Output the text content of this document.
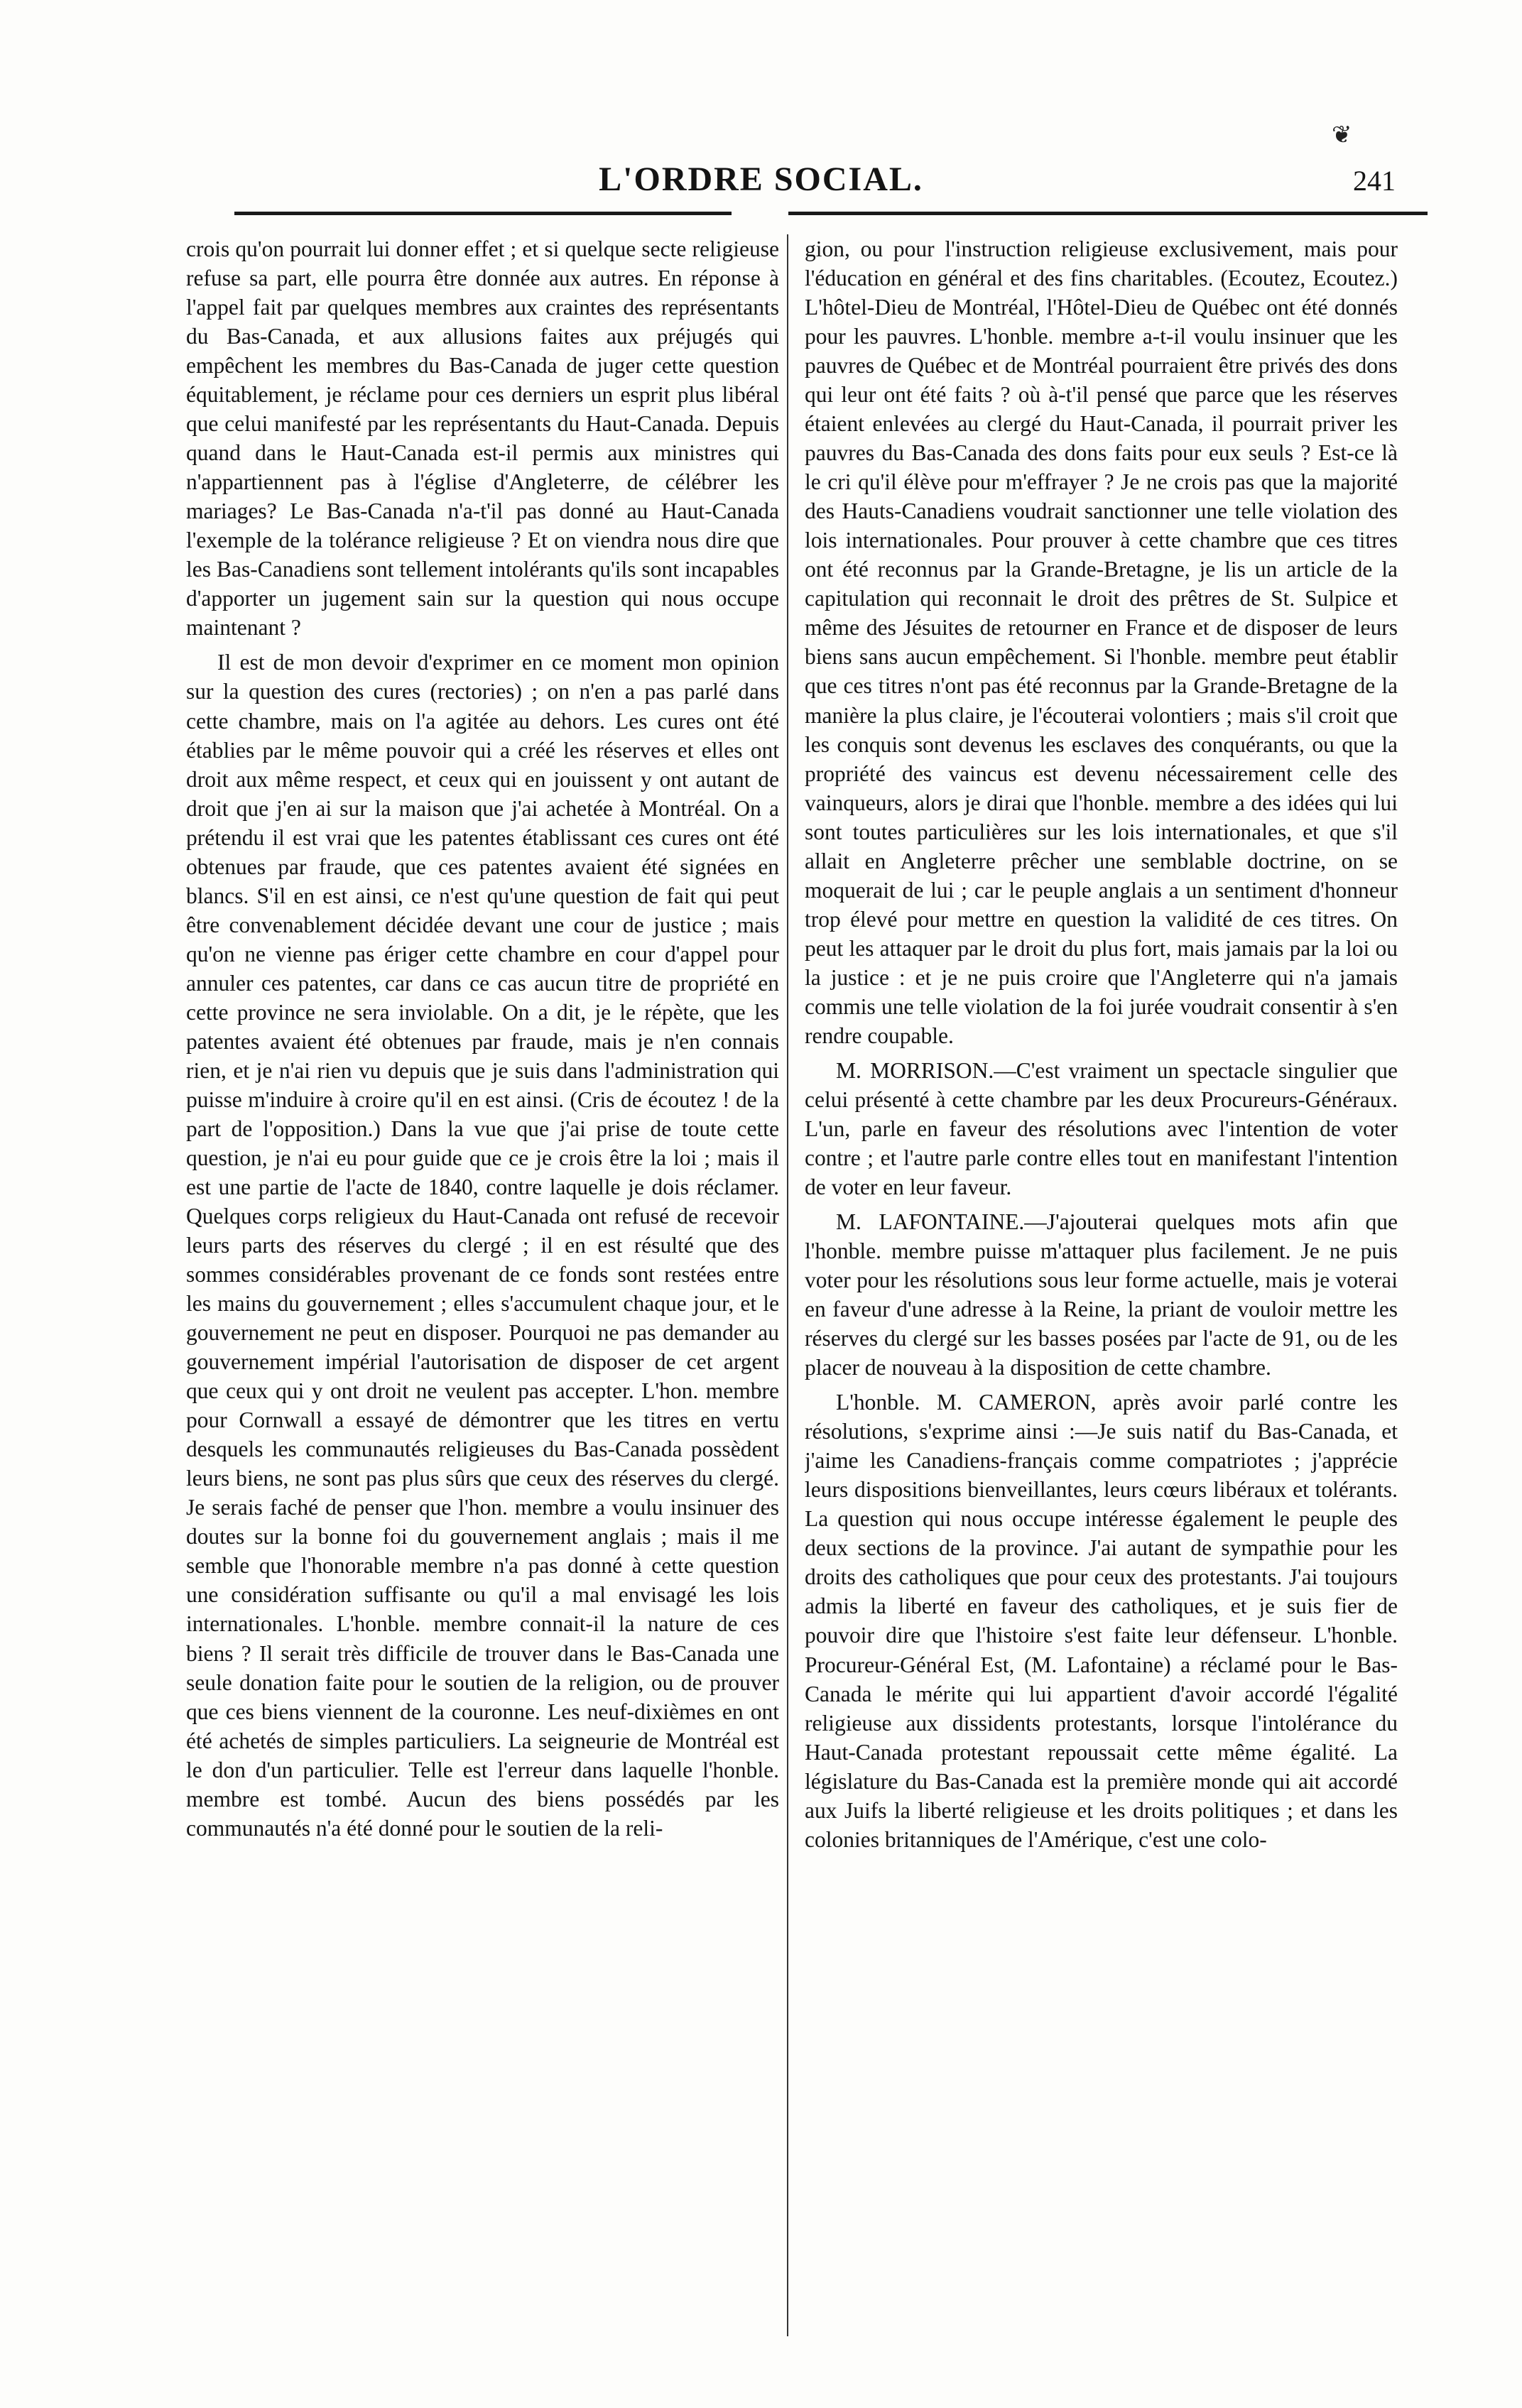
❦
L'ORDRE SOCIAL.	241

crois qu'on pourrait lui donner effet ; et si quelque secte religieuse refuse sa part, elle pourra être donnée aux autres. En réponse à l'appel fait par quelques membres aux craintes des représentants du Bas-Canada, et aux allusions faites aux préjugés qui empêchent les membres du Bas-Canada de juger cette question équitablement, je réclame pour ces derniers un esprit plus libéral que celui manifesté par les représentants du Haut-Canada. Depuis quand dans le Haut-Canada est-il permis aux ministres qui n'appartiennent pas à l'église d'Angleterre, de célébrer les mariages? Le Bas-Canada n'a-t'il pas donné au Haut-Canada l'exemple de la tolérance religieuse ? Et on viendra nous dire que les Bas-Canadiens sont tellement intolérants qu'ils sont incapables d'apporter un jugement sain sur la question qui nous occupe maintenant ?

Il est de mon devoir d'exprimer en ce moment mon opinion sur la question des cures (rectories) ; on n'en a pas parlé dans cette chambre, mais on l'a agitée au dehors. Les cures ont été établies par le même pouvoir qui a créé les réserves et elles ont droit aux même respect, et ceux qui en jouissent y ont autant de droit que j'en ai sur la maison que j'ai achetée à Montréal. On a prétendu il est vrai que les patentes établissant ces cures ont été obtenues par fraude, que ces patentes avaient été signées en blancs. S'il en est ainsi, ce n'est qu'une question de fait qui peut être convenablement décidée devant une cour de justice ; mais qu'on ne vienne pas ériger cette chambre en cour d'appel pour annuler ces patentes, car dans ce cas aucun titre de propriété en cette province ne sera inviolable. On a dit, je le répète, que les patentes avaient été obtenues par fraude, mais je n'en connais rien, et je n'ai rien vu depuis que je suis dans l'administration qui puisse m'induire à croire qu'il en est ainsi. (Cris de écoutez ! de la part de l'opposition.) Dans la vue que j'ai prise de toute cette question, je n'ai eu pour guide que ce je crois être la loi ; mais il est une partie de l'acte de 1840, contre laquelle je dois réclamer. Quelques corps religieux du Haut-Canada ont refusé de recevoir leurs parts des réserves du clergé ; il en est résulté que des sommes considérables provenant de ce fonds sont restées entre les mains du gouvernement ; elles s'accumulent chaque jour, et le gouvernement ne peut en disposer. Pourquoi ne pas demander au gouvernement impérial l'autorisation de disposer de cet argent que ceux qui y ont droit ne veulent pas accepter. L'hon. membre pour Cornwall a essayé de démontrer que les titres en vertu desquels les communautés religieuses du Bas-Canada possèdent leurs biens, ne sont pas plus sûrs que ceux des réserves du clergé. Je serais faché de penser que l'hon. membre a voulu insinuer des doutes sur la bonne foi du gouvernement anglais ; mais il me semble que l'honorable membre n'a pas donné à cette question une considération suffisante ou qu'il a mal envisagé les lois internationales. L'honble. membre connait-il la nature de ces biens ? Il serait très difficile de trouver dans le Bas-Canada une seule donation faite pour le soutien de la religion, ou de prouver que ces biens viennent de la couronne. Les neuf-dixièmes en ont été achetés de simples particuliers. La seigneurie de Montréal est le don d'un particulier. Telle est l'erreur dans laquelle l'honble. membre est tombé. Aucun des biens possédés par les communautés n'a été donné pour le soutien de la reli-

gion, ou pour l'instruction religieuse exclusivement, mais pour l'éducation en général et des fins charitables. (Ecoutez, Ecoutez.) L'hôtel-Dieu de Montréal, l'Hôtel-Dieu de Québec ont été donnés pour les pauvres. L'honble. membre a-t-il voulu insinuer que les pauvres de Québec et de Montréal pourraient être privés des dons qui leur ont été faits ? où à-t'il pensé que parce que les réserves étaient enlevées au clergé du Haut-Canada, il pourrait priver les pauvres du Bas-Canada des dons faits pour eux seuls ? Est-ce là le cri qu'il élève pour m'effrayer ? Je ne crois pas que la majorité des Hauts-Canadiens voudrait sanctionner une telle violation des lois internationales. Pour prouver à cette chambre que ces titres ont été reconnus par la Grande-Bretagne, je lis un article de la capitulation qui reconnait le droit des prêtres de St. Sulpice et même des Jésuites de retourner en France et de disposer de leurs biens sans aucun empêchement. Si l'honble. membre peut établir que ces titres n'ont pas été reconnus par la Grande-Bretagne de la manière la plus claire, je l'écouterai volontiers ; mais s'il croit que les conquis sont devenus les esclaves des conquérants, ou que la propriété des vaincus est devenu nécessairement celle des vainqueurs, alors je dirai que l'honble. membre a des idées qui lui sont toutes particulières sur les lois internationales, et que s'il allait en Angleterre prêcher une semblable doctrine, on se moquerait de lui ; car le peuple anglais a un sentiment d'honneur trop élevé pour mettre en question la validité de ces titres. On peut les attaquer par le droit du plus fort, mais jamais par la loi ou la justice : et je ne puis croire que l'Angleterre qui n'a jamais commis une telle violation de la foi jurée voudrait consentir à s'en rendre coupable.

M. MORRISON.—C'est vraiment un spectacle singulier que celui présenté à cette chambre par les deux Procureurs-Généraux. L'un, parle en faveur des résolutions avec l'intention de voter contre ; et l'autre parle contre elles tout en manifestant l'intention de voter en leur faveur.

M. LAFONTAINE.—J'ajouterai quelques mots afin que l'honble. membre puisse m'attaquer plus facilement. Je ne puis voter pour les résolutions sous leur forme actuelle, mais je voterai en faveur d'une adresse à la Reine, la priant de vouloir mettre les réserves du clergé sur les basses posées par l'acte de 91, ou de les placer de nouveau à la disposition de cette chambre.

L'honble. M. CAMERON, après avoir parlé contre les résolutions, s'exprime ainsi :—Je suis natif du Bas-Canada, et j'aime les Canadiens-français comme compatriotes ; j'apprécie leurs dispositions bienveillantes, leurs cœurs libéraux et tolérants. La question qui nous occupe intéresse également le peuple des deux sections de la province. J'ai autant de sympathie pour les droits des catholiques que pour ceux des protestants. J'ai toujours admis la liberté en faveur des catholiques, et je suis fier de pouvoir dire que l'histoire s'est faite leur défenseur. L'honble. Procureur-Général Est, (M. Lafontaine) a réclamé pour le Bas-Canada le mérite qui lui appartient d'avoir accordé l'égalité religieuse aux dissidents protestants, lorsque l'intolérance du Haut-Canada protestant repoussait cette même égalité. La législature du Bas-Canada est la première monde qui ait accordé aux Juifs la liberté religieuse et les droits politiques ; et dans les colonies britanniques de l'Amérique, c'est une colo-
